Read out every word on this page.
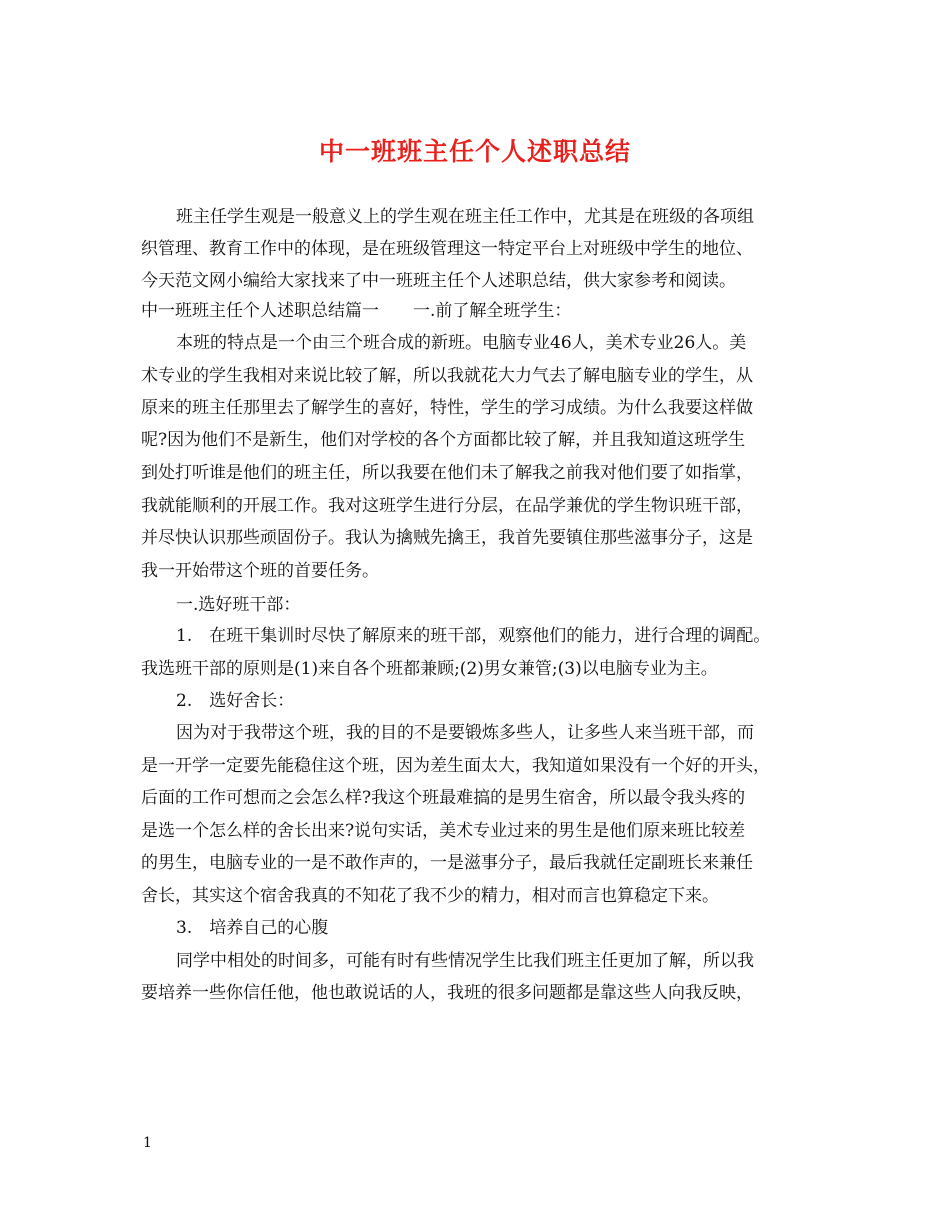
中一班班主任个人述职总结
班主任学生观是一般意义上的学生观在班主任工作中，尤其是在班级的各项组
织管理、教育工作中的体现，是在班级管理这一特定平台上对班级中学生的地位、
今天范文网小编给大家找来了中一班班主任个人述职总结，供大家参考和阅读。
中一班班主任个人述职总结篇一　　一.前了解全班学生：
本班的特点是一个由三个班合成的新班。电脑专业46人，美术专业26人。美
术专业的学生我相对来说比较了解，所以我就花大力气去了解电脑专业的学生，从
原来的班主任那里去了解学生的喜好，特性，学生的学习成绩。为什么我要这样做
呢?因为他们不是新生，他们对学校的各个方面都比较了解，并且我知道这班学生
到处打听谁是他们的班主任，所以我要在他们未了解我之前我对他们要了如指掌，
我就能顺利的开展工作。我对这班学生进行分层，在品学兼优的学生物识班干部，
并尽快认识那些顽固份子。我认为擒贼先擒王，我首先要镇住那些滋事分子，这是
我一开始带这个班的首要任务。
一.选好班干部：
1.　在班干集训时尽快了解原来的班干部，观察他们的能力，进行合理的调配。
我选班干部的原则是(1)来自各个班都兼顾;(2)男女兼管;(3)以电脑专业为主。
2.　选好舍长：
因为对于我带这个班，我的目的不是要锻炼多些人，让多些人来当班干部，而
是一开学一定要先能稳住这个班，因为差生面太大，我知道如果没有一个好的开头，
后面的工作可想而之会怎么样?我这个班最难搞的是男生宿舍，所以最令我头疼的
是选一个怎么样的舍长出来?说句实话，美术专业过来的男生是他们原来班比较差
的男生，电脑专业的一是不敢作声的，一是滋事分子，最后我就任定副班长来兼任
舍长，其实这个宿舍我真的不知花了我不少的精力，相对而言也算稳定下来。
3.　培养自己的心腹
同学中相处的时间多，可能有时有些情况学生比我们班主任更加了解，所以我
要培养一些你信任他，他也敢说话的人，我班的很多问题都是靠这些人向我反映，
1
